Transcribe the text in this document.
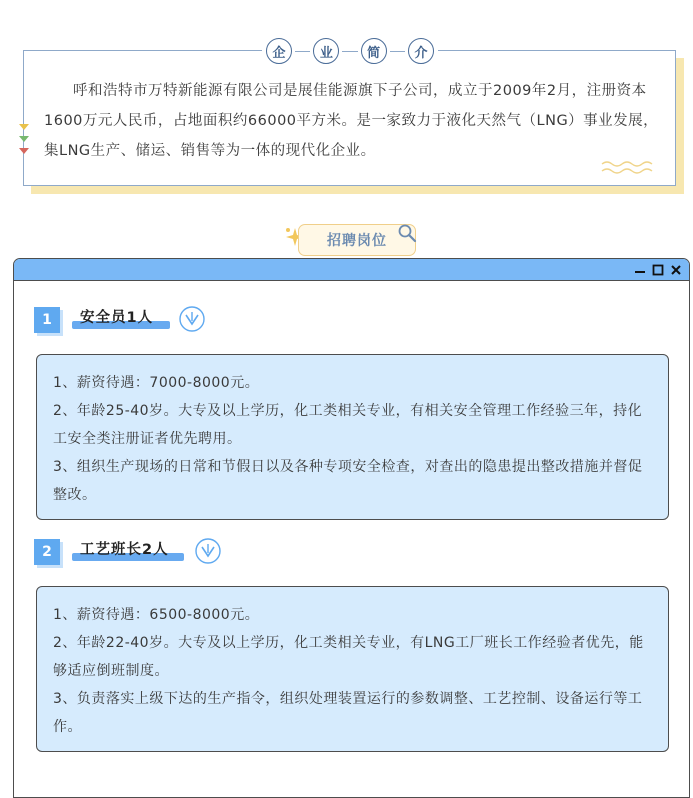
企	业	简	介

呼和浩特市万特新能源有限公司是展佳能源旗下子公司，成立于2009年2月，注册资本1600万元人民币，占地面积约66000平方米。是一家致力于液化天然气（LNG）事业发展，集LNG生产、储运、销售等为一体的现代化企业。

招聘岗位
1	安全员1人

1、薪资待遇：7000-8000元。

2、年龄25-40岁。大专及以上学历，化工类相关专业，有相关安全管理工作经验三年，持化工安全类注册证者优先聘用。

3、组织生产现场的日常和节假日以及各种专项安全检查，对查出的隐患提出整改措施并督促整改。

2	工艺班长2人

1、薪资待遇：6500-8000元。

2、年龄22-40岁。大专及以上学历，化工类相关专业，有LNG工厂班长工作经验者优先，能够适应倒班制度。

3、负责落实上级下达的生产指令，组织处理装置运行的参数调整、工艺控制、设备运行等工作。
